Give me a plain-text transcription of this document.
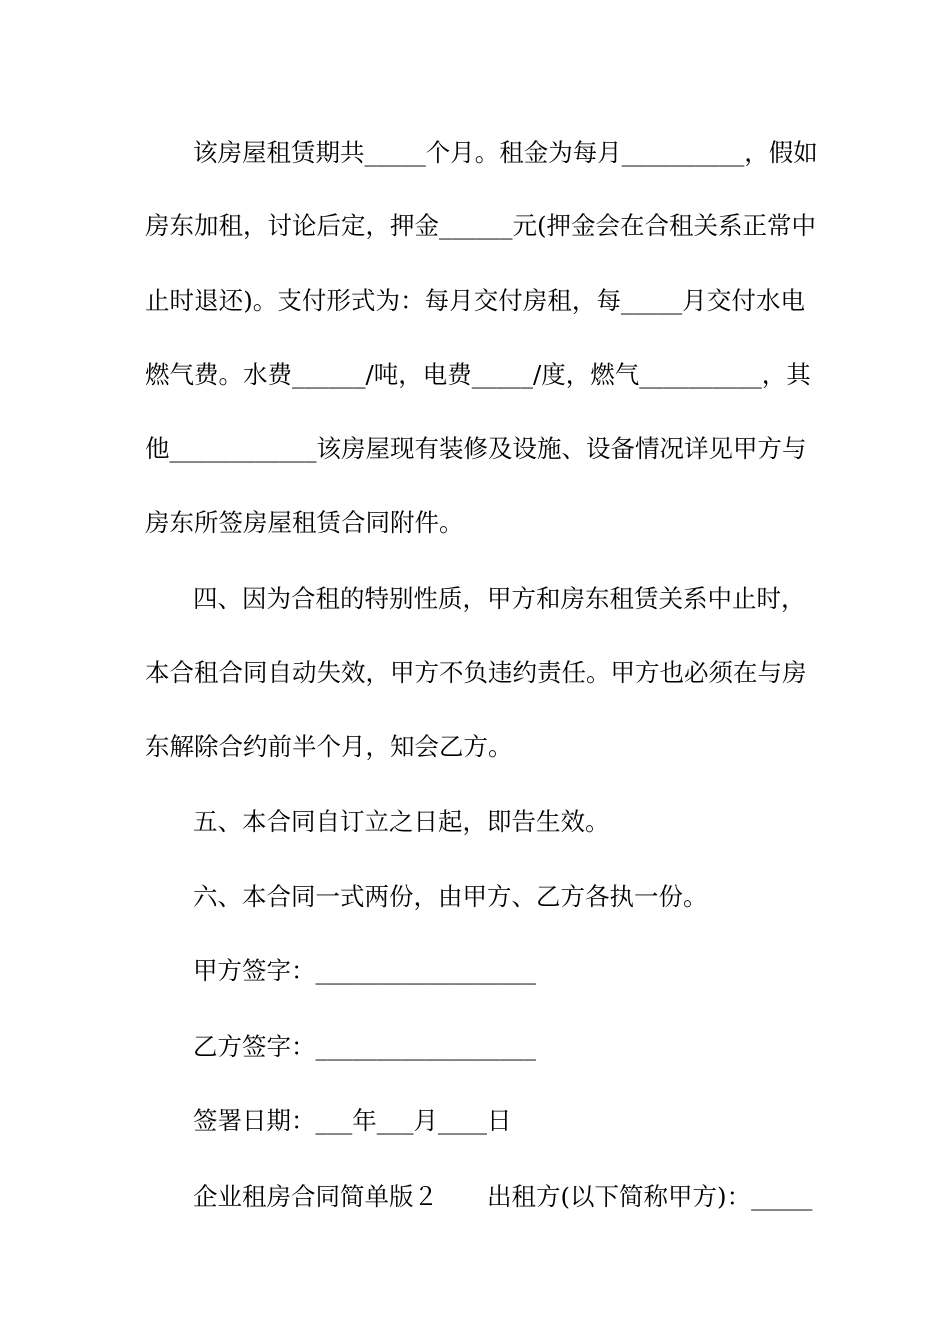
该房屋租赁期共_____个月。租金为每月__________，假如
房东加租，讨论后定，押金______元(押金会在合租关系正常中
止时退还)。支付形式为：每月交付房租，每_____月交付水电
燃气费。水费______/吨，电费_____/度，燃气__________，其
他____________该房屋现有装修及设施、设备情况详见甲方与
房东所签房屋租赁合同附件。
四、因为合租的特别性质，甲方和房东租赁关系中止时，
本合租合同自动失效，甲方不负违约责任。甲方也必须在与房
东解除合约前半个月，知会乙方。
五、本合同自订立之日起，即告生效。
六、本合同一式两份，由甲方、乙方各执一份。
甲方签字：__________________
乙方签字：__________________
签署日期：___年___月____日
企业租房合同简单版２　　出租方(以下简称甲方)：_____
